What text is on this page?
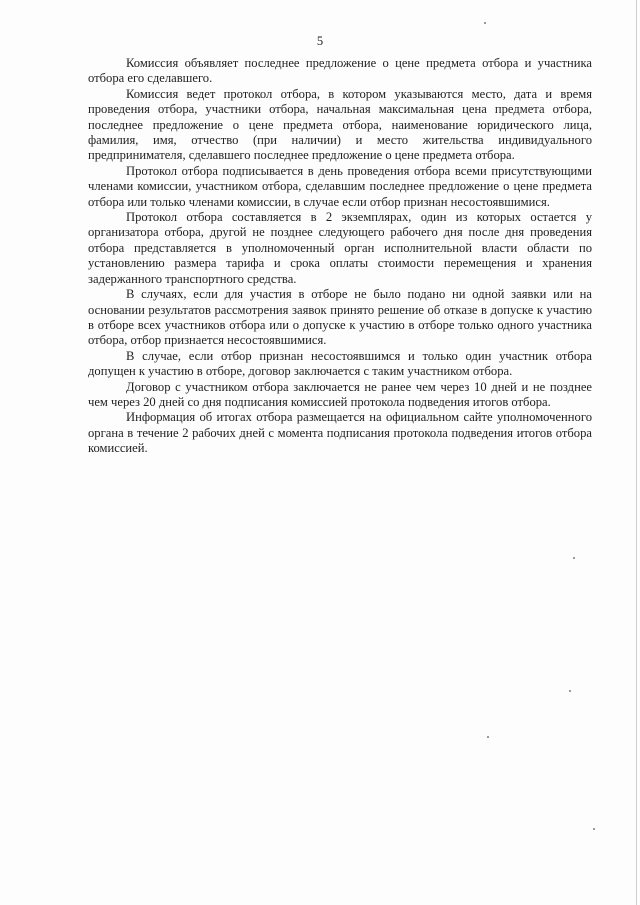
5

Комиссия объявляет последнее предложение о цене предмета отбора и участника отбора его сделавшего.

Комиссия ведет протокол отбора, в котором указываются место, дата и время проведения отбора, участники отбора, начальная максимальная цена предмета отбора, последнее предложение о цене предмета отбора, наименование юридического лица, фамилия, имя, отчество (при наличии) и место жительства индивидуального предпринимателя, сделавшего последнее предложение о цене предмета отбора.

Протокол отбора подписывается в день проведения отбора всеми присутствующими членами комиссии, участником отбора, сделавшим последнее предложение о цене предмета отбора или только членами комиссии, в случае если отбор признан несостоявшимися.

Протокол отбора составляется в 2 экземплярах, один из которых остается у организатора отбора, другой не позднее следующего рабочего дня после дня проведения отбора представляется в уполномоченный орган исполнительной власти области по установлению размера тарифа и срока оплаты стоимости перемещения и хранения задержанного транспортного средства.

В случаях, если для участия в отборе не было подано ни одной заявки или на основании результатов рассмотрения заявок принято решение об отказе в допуске к участию в отборе всех участников отбора или о допуске к участию в отборе только одного участника отбора, отбор признается несостоявшимися.

В случае, если отбор признан несостоявшимся и только один участник отбора допущен к участию в отборе, договор заключается с таким участником отбора.

Договор с участником отбора заключается не ранее чем через 10 дней и не позднее чем через 20 дней со дня подписания комиссией протокола подведения итогов отбора.

Информация об итогах отбора размещается на официальном сайте уполномоченного органа в течение 2 рабочих дней с момента подписания протокола подведения итогов отбора комиссией.
